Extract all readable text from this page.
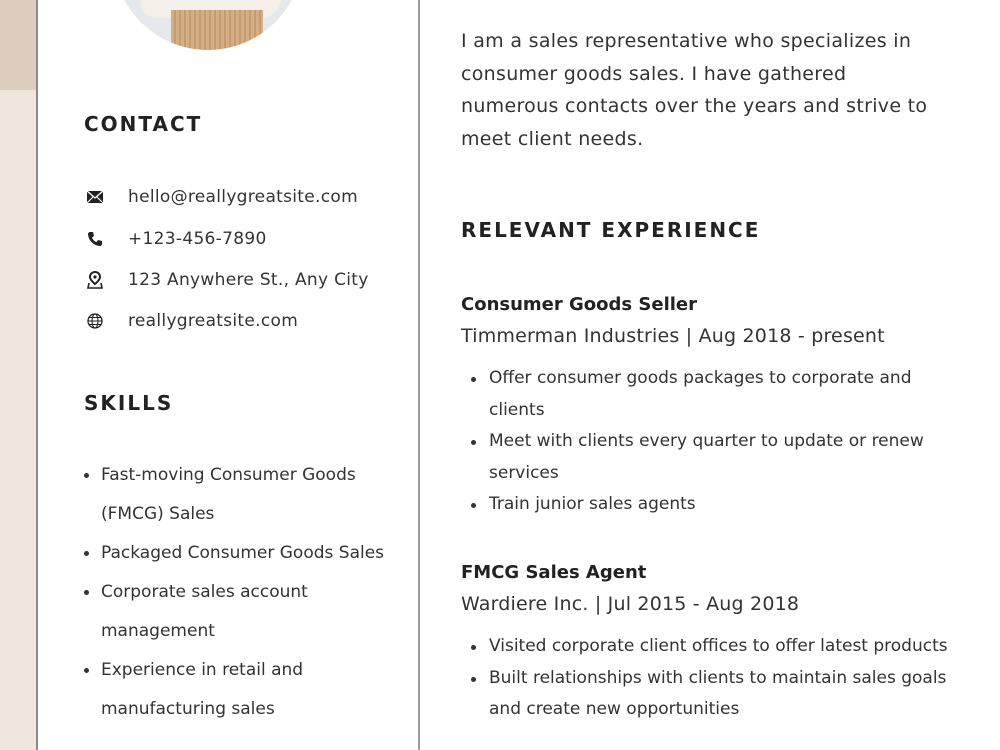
CONTACT
hello@reallygreatsite.com
+123-456-7890
123 Anywhere St., Any City
reallygreatsite.com
SKILLS
Fast-moving Consumer Goods (FMCG) Sales
Packaged Consumer Goods Sales
Corporate sales account management
Experience in retail and manufacturing sales
I am a sales representative who specializes in consumer goods sales. I have gathered numerous contacts over the years and strive to meet client needs.
RELEVANT EXPERIENCE
Consumer Goods Seller
Timmerman Industries | Aug 2018 - present
Offer consumer goods packages to corporate and clients
Meet with clients every quarter to update or renew services
Train junior sales agents
FMCG Sales Agent
Wardiere Inc. | Jul 2015 - Aug 2018
Visited corporate client offices to offer latest products
Built relationships with clients to maintain sales goals and create new opportunities
